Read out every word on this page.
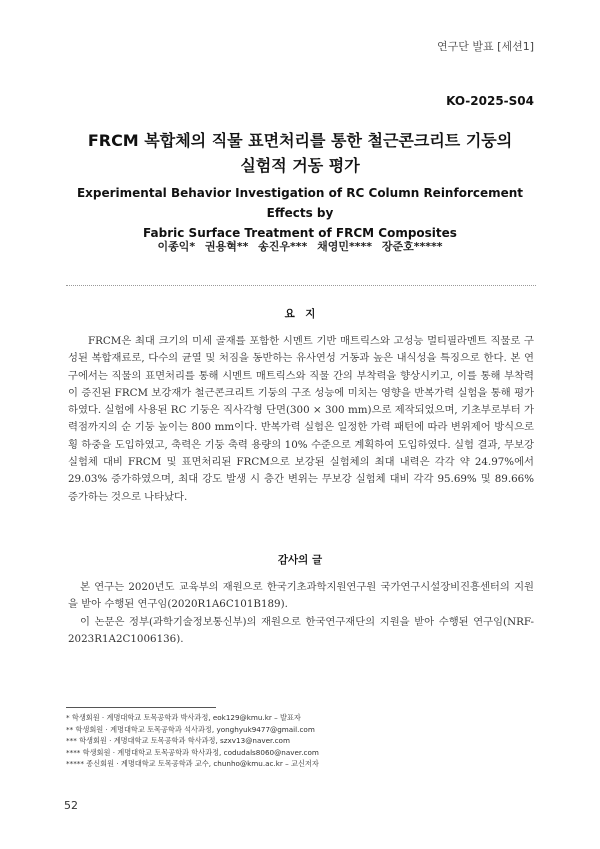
연구단 발표 [세션1]
KO-2025-S04
FRCM 복합체의 직물 표면처리를 통한 철근콘크리트 기둥의
실험적 거동 평가
Experimental Behavior Investigation of RC Column Reinforcement Effects by
Fabric Surface Treatment of FRCM Composites
이종익* 권용혁** 송진우*** 채영민**** 장준호*****
요　지

FRCM은 최대 크기의 미세 골재를 포함한 시멘트 기반 매트릭스와 고성능 멀티필라멘트 직물로 구성된 복합재료로, 다수의 균열 및 처짐을 동반하는 유사연성 거동과 높은 내식성을 특징으로 한다. 본 연구에서는 직물의 표면처리를 통해 시멘트 매트릭스와 직물 간의 부착력을 향상시키고, 이를 통해 부착력이 증진된 FRCM 보강재가 철근콘크리트 기둥의 구조 성능에 미치는 영향을 반복가력 실험을 통해 평가하였다. 실험에 사용된 RC 기둥은 직사각형 단면(300 × 300 mm)으로 제작되었으며, 기초부로부터 가력점까지의 순 기둥 높이는 800 mm이다. 반복가력 실험은 일정한 가력 패턴에 따라 변위제어 방식으로 횡 하중을 도입하였고, 축력은 기둥 축력 용량의 10% 수준으로 계획하여 도입하였다. 실험 결과, 무보강 실험체 대비 FRCM 및 표면처리된 FRCM으로 보강된 실험체의 최대 내력은 각각 약 24.97%에서 29.03% 증가하였으며, 최대 강도 발생 시 층간 변위는 무보강 실험체 대비 각각 95.69% 및 89.66% 증가하는 것으로 나타났다.

감사의 글

본 연구는 2020년도 교육부의 재원으로 한국기초과학지원연구원 국가연구시설장비진흥센터의 지원을 받아 수행된 연구임(2020R1A6C101B189).

이 논문은 정부(과학기술정보통신부)의 재원으로 한국연구재단의 지원을 받아 수행된 연구임(NRF-2023R1A2C1006136).

* 학생회원 · 계명대학교 토목공학과 박사과정, eok129@kmu.kr – 발표자
** 학생회원 · 계명대학교 토목공학과 석사과정, yonghyuk9477@gmail.com
*** 학생회원 · 계명대학교 토목공학과 학사과정, szxv13@naver.com
**** 학생회원 · 계명대학교 토목공학과 학사과정, codudals8060@naver.com
***** 종신회원 · 계명대학교 토목공학과 교수, chunho@kmu.ac.kr – 교신저자
52
